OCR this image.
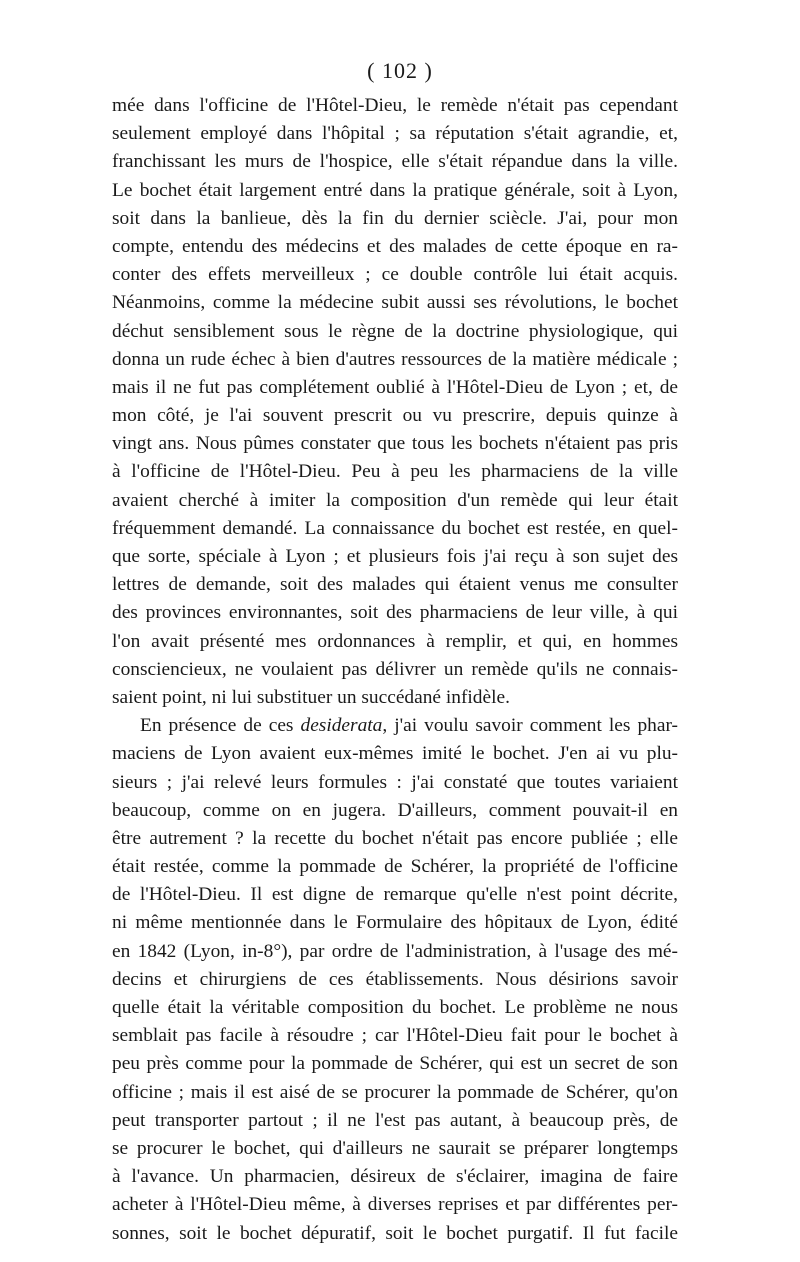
( 102 )
mée dans l'officine de l'Hôtel-Dieu, le remède n'était pas cependant
seulement employé dans l'hôpital ; sa réputation s'était agrandie, et,
franchissant les murs de l'hospice, elle s'était répandue dans la ville.
Le bochet était largement entré dans la pratique générale, soit à Lyon,
soit dans la banlieue, dès la fin du dernier sciècle. J'ai, pour mon
compte, entendu des médecins et des malades de cette époque en ra-
conter des effets merveilleux ; ce double contrôle lui était acquis.
Néanmoins, comme la médecine subit aussi ses révolutions, le bochet
déchut sensiblement sous le règne de la doctrine physiologique, qui
donna un rude échec à bien d'autres ressources de la matière médicale ;
mais il ne fut pas complétement oublié à l'Hôtel-Dieu de Lyon ; et, de
mon côté, je l'ai souvent prescrit ou vu prescrire, depuis quinze à
vingt ans. Nous pûmes constater que tous les bochets n'étaient pas pris
à l'officine de l'Hôtel-Dieu. Peu à peu les pharmaciens de la ville
avaient cherché à imiter la composition d'un remède qui leur était
fréquemment demandé. La connaissance du bochet est restée, en quel-
que sorte, spéciale à Lyon ; et plusieurs fois j'ai reçu à son sujet des
lettres de demande, soit des malades qui étaient venus me consulter
des provinces environnantes, soit des pharmaciens de leur ville, à qui
l'on avait présenté mes ordonnances à remplir, et qui, en hommes
consciencieux, ne voulaient pas délivrer un remède qu'ils ne connais-
saient point, ni lui substituer un succédané infidèle.
En présence de ces desiderata, j'ai voulu savoir comment les phar-
maciens de Lyon avaient eux-mêmes imité le bochet. J'en ai vu plu-
sieurs ; j'ai relevé leurs formules : j'ai constaté que toutes variaient
beaucoup, comme on en jugera. D'ailleurs, comment pouvait-il en
être autrement ? la recette du bochet n'était pas encore publiée ; elle
était restée, comme la pommade de Schérer, la propriété de l'officine
de l'Hôtel-Dieu. Il est digne de remarque qu'elle n'est point décrite,
ni même mentionnée dans le Formulaire des hôpitaux de Lyon, édité
en 1842 (Lyon, in-8°), par ordre de l'administration, à l'usage des mé-
decins et chirurgiens de ces établissements. Nous désirions savoir
quelle était la véritable composition du bochet. Le problème ne nous
semblait pas facile à résoudre ; car l'Hôtel-Dieu fait pour le bochet à
peu près comme pour la pommade de Schérer, qui est un secret de son
officine ; mais il est aisé de se procurer la pommade de Schérer, qu'on
peut transporter partout ; il ne l'est pas autant, à beaucoup près, de
se procurer le bochet, qui d'ailleurs ne saurait se préparer longtemps
à l'avance. Un pharmacien, désireux de s'éclairer, imagina de faire
acheter à l'Hôtel-Dieu même, à diverses reprises et par différentes per-
sonnes, soit le bochet dépuratif, soit le bochet purgatif. Il fut facile
